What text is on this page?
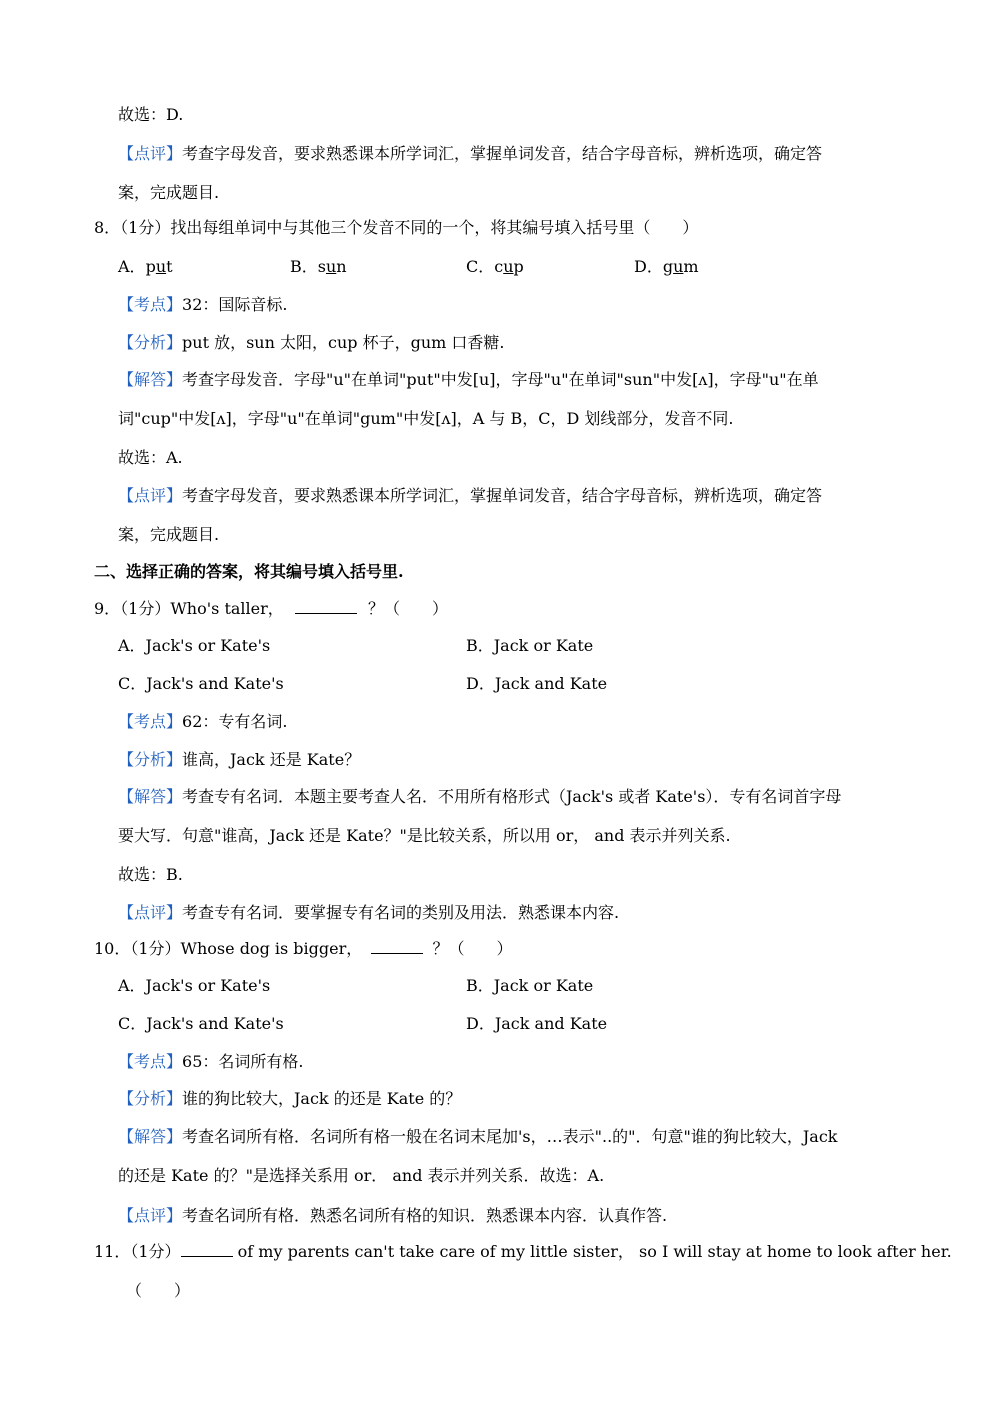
故选：D.
【点评】考查字母发音，要求熟悉课本所学词汇，掌握单词发音，结合字母音标，辨析选项，确定答
案，完成题目.
8．（1分）找出每组单词中与其他三个发音不同的一个，将其编号填入括号里（　　）
A．put	B．sun	C．cup	D．gum
【考点】32：国际音标.
【分析】put 放，sun 太阳，cup 杯子，gum 口香糖.
【解答】考查字母发音．字母"u"在单词"put"中发[u]，字母"u"在单词"sun"中发[ʌ]，字母"u"在单
词"cup"中发[ʌ]，字母"u"在单词"gum"中发[ʌ]，A 与 B，C，D 划线部分，发音不同.
故选：A.
【点评】考查字母发音，要求熟悉课本所学词汇，掌握单词发音，结合字母音标，辨析选项，确定答
案，完成题目.
二、选择正确的答案，将其编号填入括号里.
9．（1分）Who's taller，	？（　　）
A．Jack's or Kate's	B．Jack or Kate
C．Jack's and Kate's	D．Jack and Kate
【考点】62：专有名词.
【分析】谁高，Jack 还是 Kate？
【解答】考查专有名词．本题主要考查人名．不用所有格形式（Jack's 或者 Kate's）．专有名词首字母
要大写．句意"谁高，Jack 还是 Kate？"是比较关系，所以用 or， and 表示并列关系.
故选：B.
【点评】考查专有名词．要掌握专有名词的类别及用法．熟悉课本内容.
10．（1分）Whose dog is bigger，	？（　　）
A．Jack's or Kate's	B．Jack or Kate
C．Jack's and Kate's	D．Jack and Kate
【考点】65：名词所有格.
【分析】谁的狗比较大，Jack 的还是 Kate 的？
【解答】考查名词所有格．名词所有格一般在名词末尾加's，…表示"..的"．句意"谁的狗比较大，Jack
的还是 Kate 的？"是选择关系用 or． and 表示并列关系．故选：A.
【点评】考查名词所有格．熟悉名词所有格的知识．熟悉课本内容．认真作答.
11．（1分）	of my parents can't take care of my little sister， so I will stay at home to look after her.
（　　）
